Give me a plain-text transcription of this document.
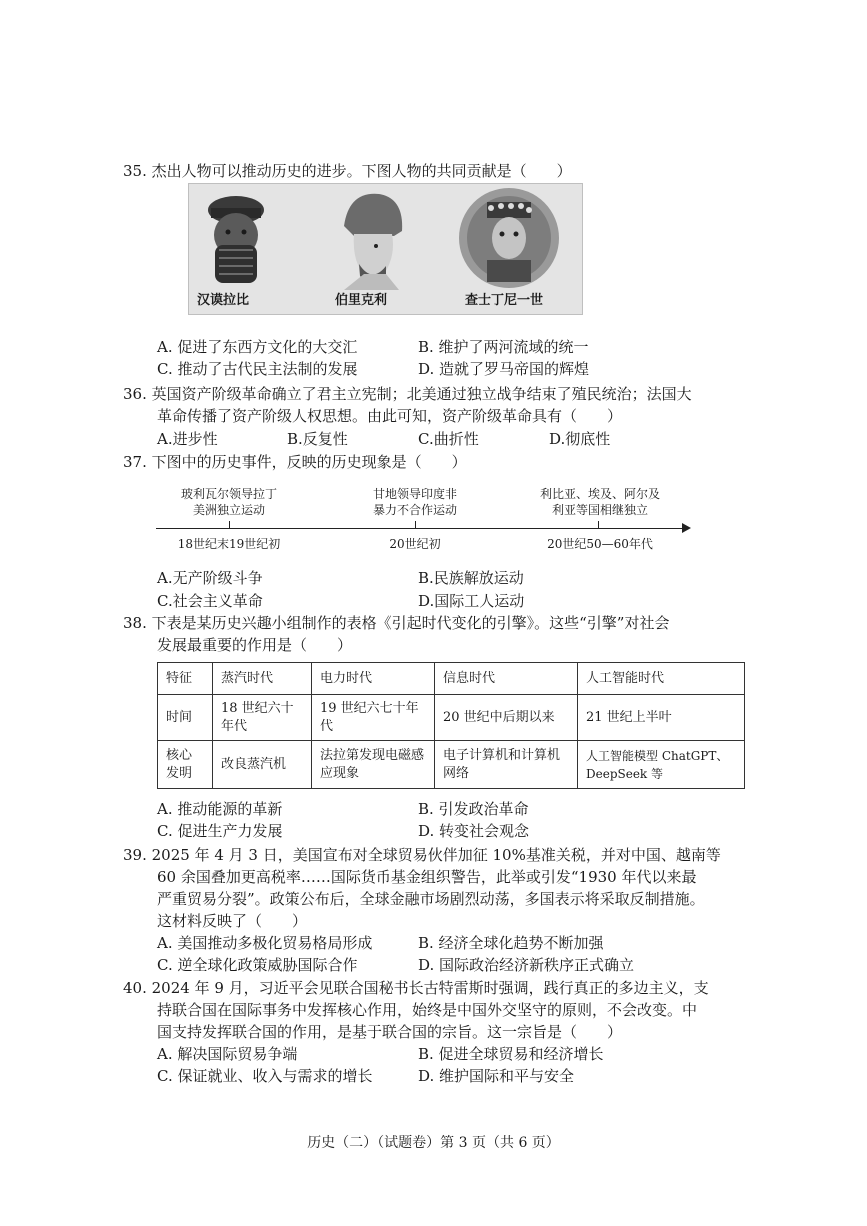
35. 杰出人物可以推动历史的进步。下图人物的共同贡献是（　　）
汉谟拉比	伯里克利	查士丁尼一世
A. 促进了东西方文化的大交汇	B. 维护了两河流域的统一
C. 推动了古代民主法制的发展	D. 造就了罗马帝国的辉煌
36. 英国资产阶级革命确立了君主立宪制；北美通过独立战争结束了殖民统治；法国大
革命传播了资产阶级人权思想。由此可知，资产阶级革命具有（　　）
A.进步性	B.反复性	C.曲折性	D.彻底性
37. 下图中的历史事件，反映的历史现象是（　　）
玻利瓦尔领导拉丁
美洲独立运动
甘地领导印度非
暴力不合作运动
利比亚、埃及、阿尔及
利亚等国相继独立
18世纪末19世纪初	20世纪初	20世纪50—60年代
A.无产阶级斗争	B.民族解放运动
C.社会主义革命	D.国际工人运动
38. 下表是某历史兴趣小组制作的表格《引起时代变化的引擎》。这些“引擎”对社会
发展最重要的作用是（　　）
特征	蒸汽时代	电力时代	信息时代	人工智能时代
时间	18 世纪六十年代	19 世纪六七十年代	20 世纪中后期以来	21 世纪上半叶
核心发明	改良蒸汽机	法拉第发现电磁感应现象	电子计算机和计算机网络	人工智能模型 ChatGPT、DeepSeek 等
A. 推动能源的革新	B. 引发政治革命
C. 促进生产力发展	D. 转变社会观念
39. 2025 年 4 月 3 日，美国宣布对全球贸易伙伴加征 10%基准关税，并对中国、越南等
60 余国叠加更高税率……国际货币基金组织警告，此举或引发“1930 年代以来最
严重贸易分裂”。政策公布后，全球金融市场剧烈动荡，多国表示将采取反制措施。
这材料反映了（　　）
A. 美国推动多极化贸易格局形成	B. 经济全球化趋势不断加强
C. 逆全球化政策威胁国际合作	D. 国际政治经济新秩序正式确立
40. 2024 年 9 月，习近平会见联合国秘书长古特雷斯时强调，践行真正的多边主义，支
持联合国在国际事务中发挥核心作用，始终是中国外交坚守的原则，不会改变。中
国支持发挥联合国的作用，是基于联合国的宗旨。这一宗旨是（　　）
A. 解决国际贸易争端	B. 促进全球贸易和经济增长
C. 保证就业、收入与需求的增长	D. 维护国际和平与安全
历史（二）（试题卷）第 3 页（共 6 页）
